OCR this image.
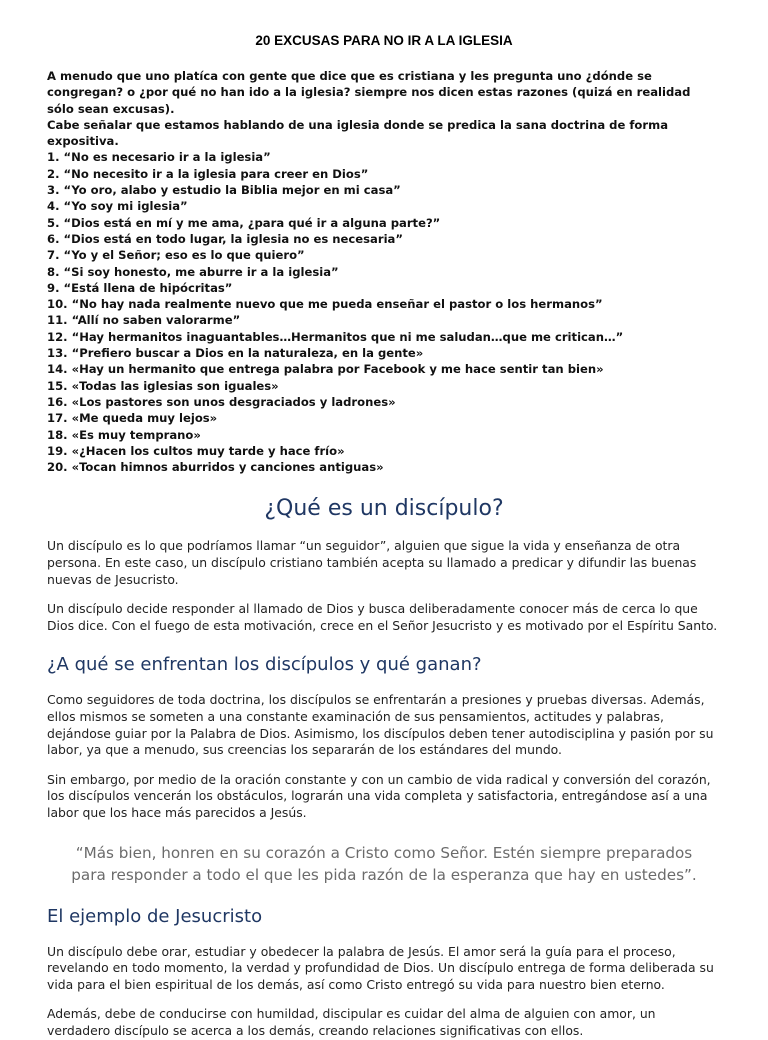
20 EXCUSAS PARA NO IR A LA IGLESIA

A menudo que uno platíca con gente que dice que es cristiana y les pregunta uno ¿dónde se congregan? o ¿por qué no han ido a la iglesia? siempre nos dicen estas razones (quizá en realidad sólo sean excusas).

Cabe señalar que estamos hablando de una iglesia donde se predica la sana doctrina de forma expositiva.

1. “No es necesario ir a la iglesia”
2. “No necesito ir a la iglesia para creer en Dios”
3. “Yo oro, alabo y estudio la Biblia mejor en mi casa”
4. “Yo soy mi iglesia”
5. “Dios está en mí y me ama, ¿para qué ir a alguna parte?”
6. “Dios está en todo lugar, la iglesia no es necesaria”
7. “Yo y el Señor; eso es lo que quiero”
8. “Si soy honesto, me aburre ir a la iglesia”
9. “Está llena de hipócritas”
10. “No hay nada realmente nuevo que me pueda enseñar el pastor o los hermanos”
11. “Allí no saben valorarme”
12. “Hay hermanitos inaguantables…Hermanitos que ni me saludan…que me critican…”
13. “Prefiero buscar a Dios en la naturaleza, en la gente»
14. «Hay un hermanito que entrega palabra por Facebook y me hace sentir tan bien»
15. «Todas las iglesias son iguales»
16. «Los pastores son unos desgraciados y ladrones»
17. «Me queda muy lejos»
18. «Es muy temprano»
19. «¿Hacen los cultos muy tarde y hace frío»
20. «Tocan himnos aburridos y canciones antiguas»
¿Qué es un discípulo?

Un discípulo es lo que podríamos llamar “un seguidor”, alguien que sigue la vida y enseñanza de otra persona. En este caso, un discípulo cristiano también acepta su llamado a predicar y difundir las buenas nuevas de Jesucristo.

Un discípulo decide responder al llamado de Dios y busca deliberadamente conocer más de cerca lo que Dios dice. Con el fuego de esta motivación, crece en el Señor Jesucristo y es motivado por el Espíritu Santo.

¿A qué se enfrentan los discípulos y qué ganan?

Como seguidores de toda doctrina, los discípulos se enfrentarán a presiones y pruebas diversas. Además, ellos mismos se someten a una constante examinación de sus pensamientos, actitudes y palabras, dejándose guiar por la Palabra de Dios. Asimismo, los discípulos deben tener autodisciplina y pasión por su labor, ya que a menudo, sus creencias los separarán de los estándares del mundo.

Sin embargo, por medio de la oración constante y con un cambio de vida radical y conversión del corazón, los discípulos vencerán los obstáculos, lograrán una vida completa y satisfactoria, entregándose así a una labor que los hace más parecidos a Jesús.

“Más bien, honren en su corazón a Cristo como Señor. Estén siempre preparados para responder a todo el que les pida razón de la esperanza que hay en ustedes”.

El ejemplo de Jesucristo

Un discípulo debe orar, estudiar y obedecer la palabra de Jesús. El amor será la guía para el proceso, revelando en todo momento, la verdad y profundidad de Dios. Un discípulo entrega de forma deliberada su vida para el bien espiritual de los demás, así como Cristo entregó su vida para nuestro bien eterno.

Además, debe de conducirse con humildad, discipular es cuidar del alma de alguien con amor, un verdadero discípulo se acerca a los demás, creando relaciones significativas con ellos.
